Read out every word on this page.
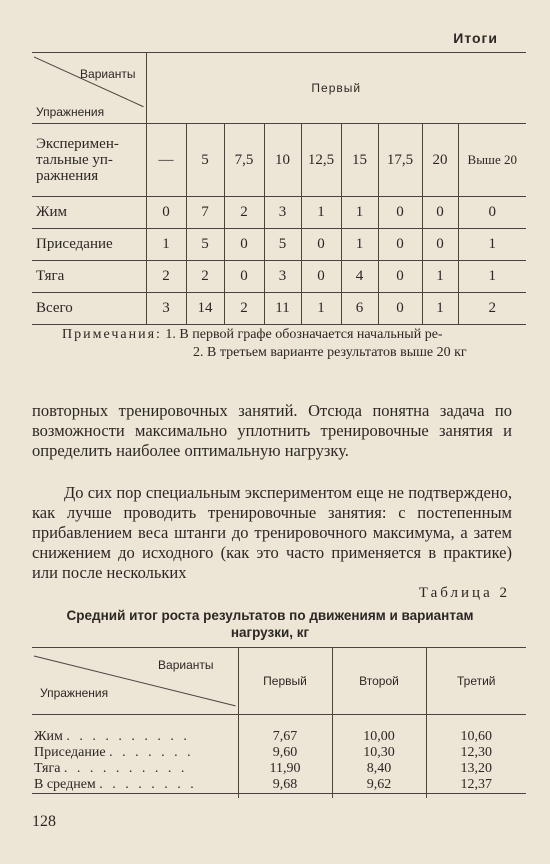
Итоги
Варианты
Упражнения	Первый								
Эксперимен-тальные уп-ражнения	—	5	7,5	10	12,5	15	17,5	20	Выше 20
Жим	0	7	2	3	1	1	0	0	0
Приседание	1	5	0	5	0	1	0	0	1
Тяга	2	2	0	3	0	4	0	1	1
Всего	3	14	2	11	1	6	0	1	2
Примечания: 1. В первой графе обозначается начальный ре-
2. В третьем варианте результатов выше 20 кг

повторных тренировочных занятий. Отсюда понятна задача по возможности максимально уплотнить тренировочные занятия и определить наиболее оптимальную нагрузку.

До сих пор специальным экспериментом еще не подтверждено, как лучше проводить тренировочные занятия: с постепенным прибавлением веса штанги до тренировочного максимума, а затем снижением до исходного (как это часто применяется в практике) или после нескольких

Таблица 2
Средний итог роста результатов по движениям и вариантам нагрузки, кг
Варианты
Упражнения	Первый	Второй	Третий

Жим . . . . . . . . . .	7,67	10,00	10,60
Приседание . . . . . . .	9,60	10,30	12,30
Тяга . . . . . . . . . .	11,90	8,40	13,20
В среднем . . . . . . . .	9,68	9,62	12,37

128
